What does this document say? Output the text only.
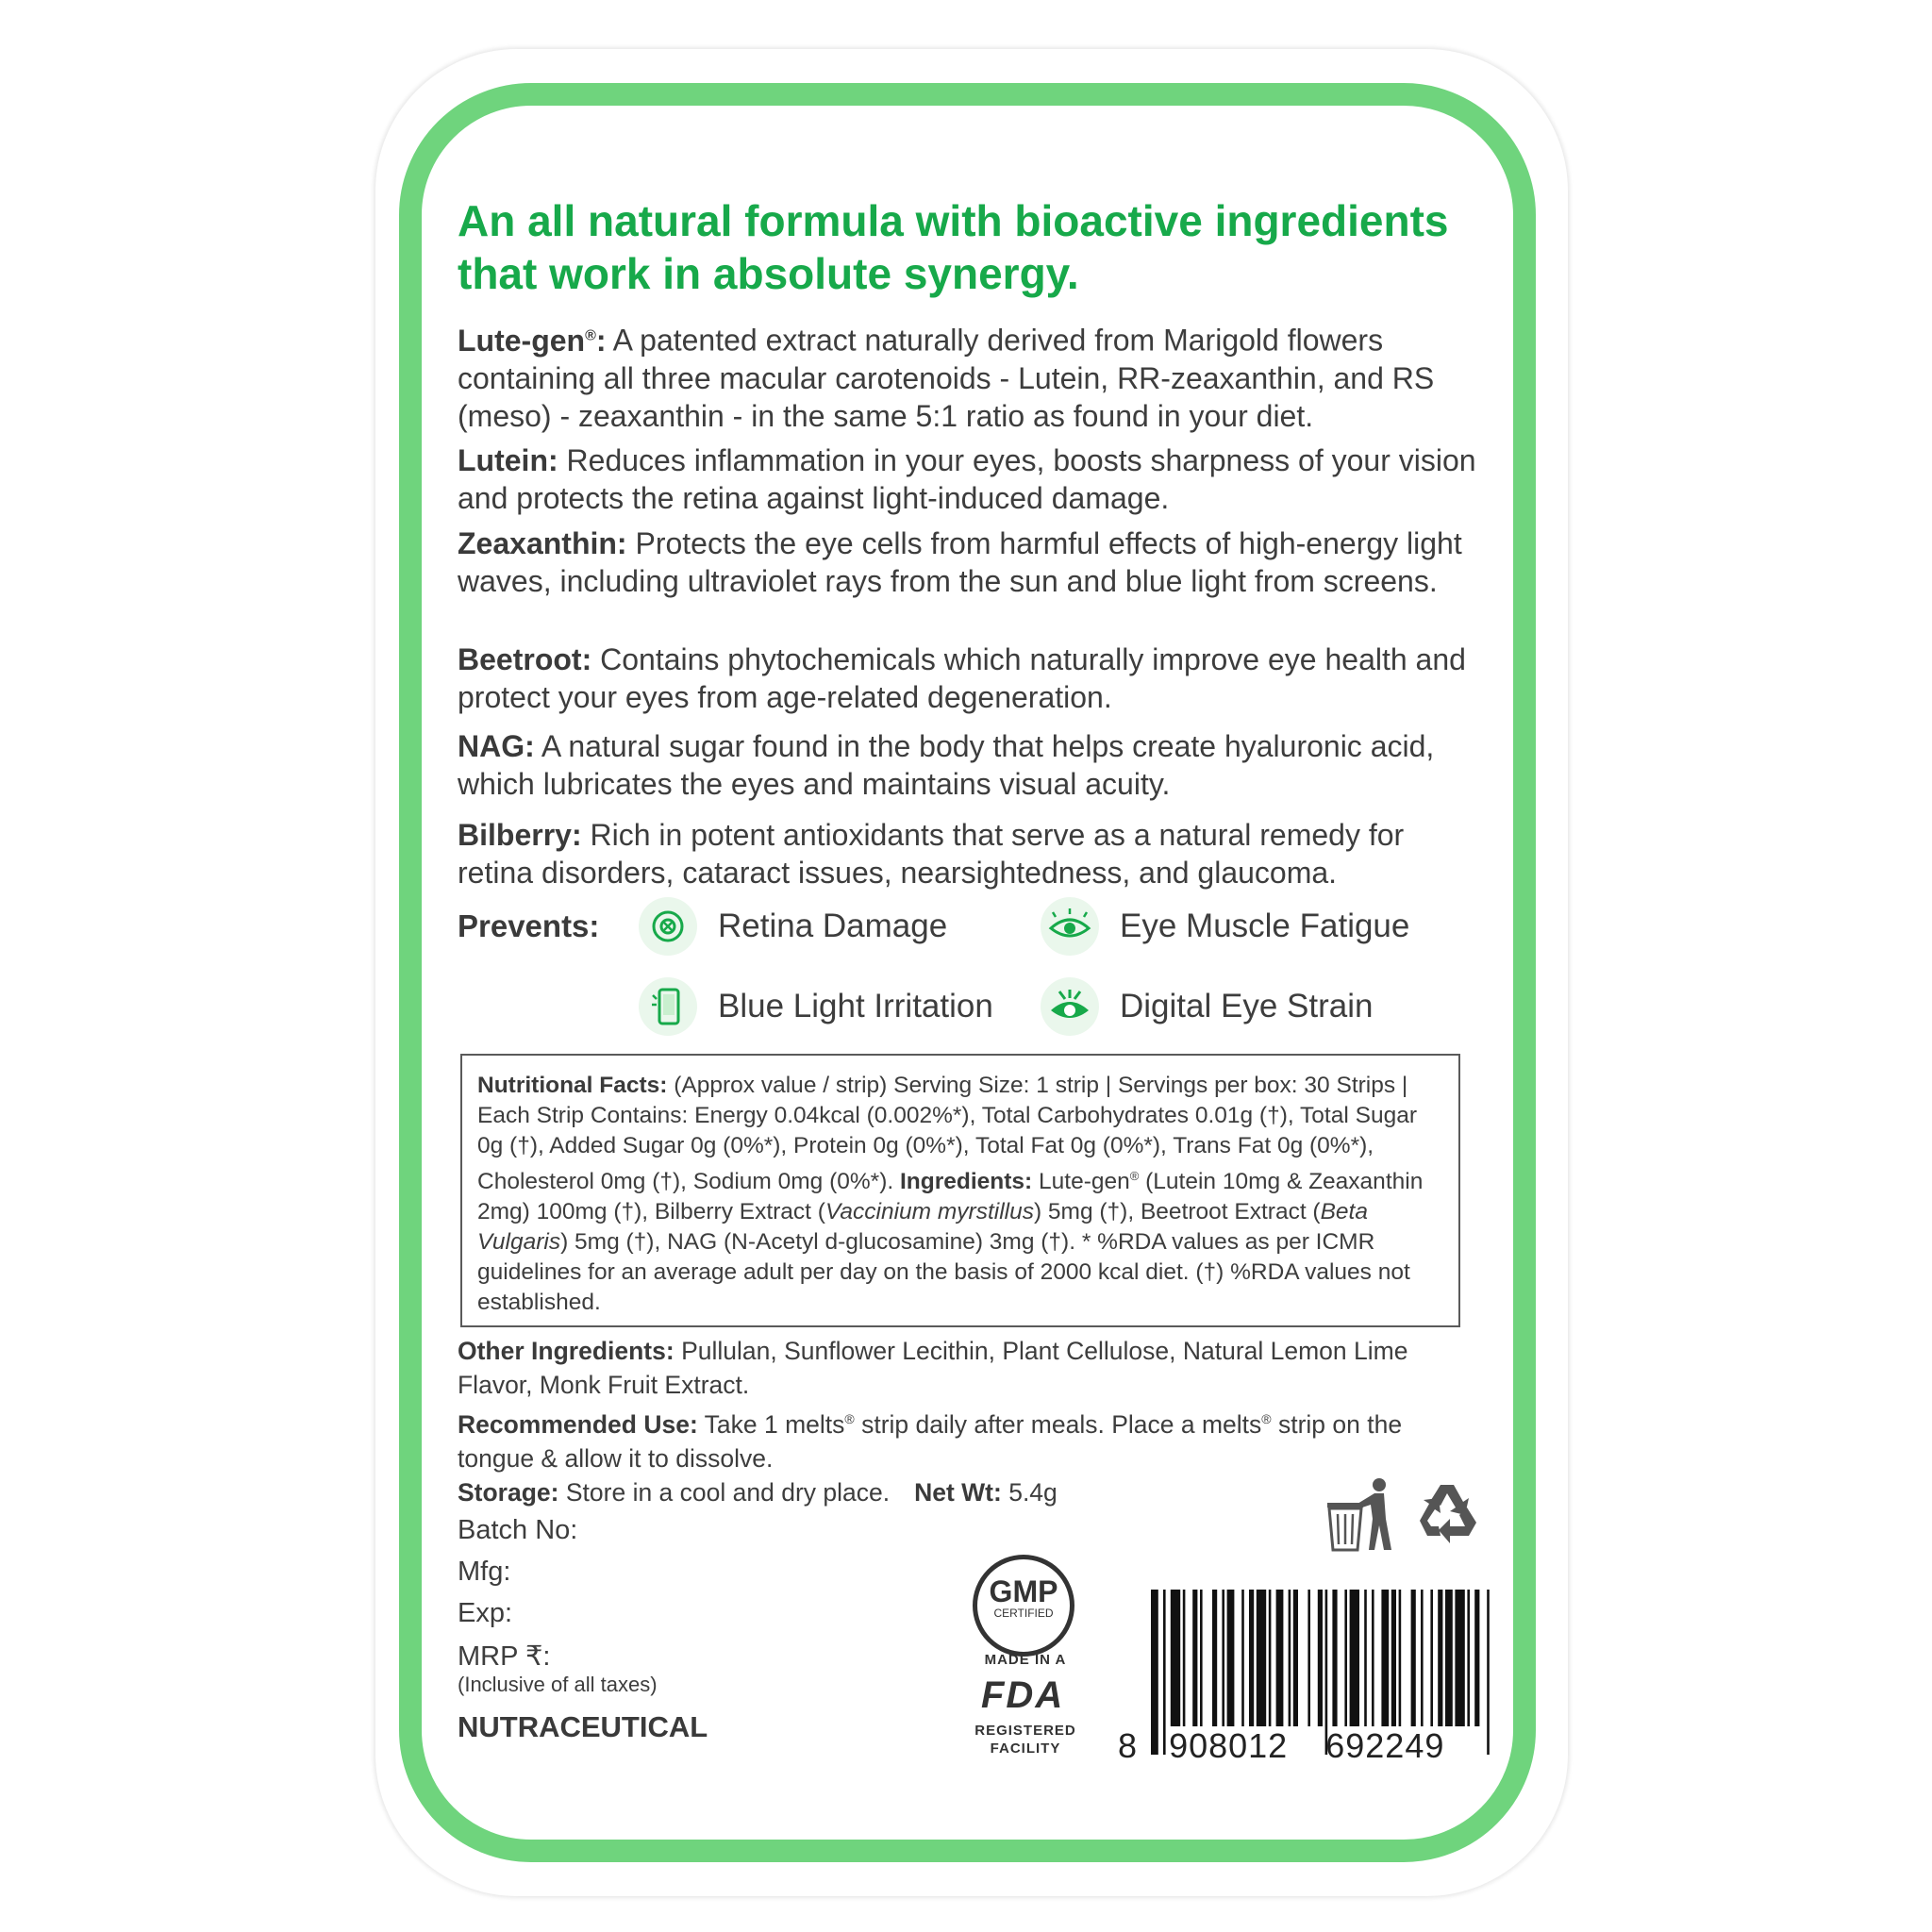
An all natural formula with bioactive ingredients that work in absolute synergy.

Lute-gen®: A patented extract naturally derived from Marigold flowers containing all three macular carotenoids - Lutein, RR-zeaxanthin, and RS (meso) - zeaxanthin - in the same 5:1 ratio as found in your diet.

Lutein: Reduces inflammation in your eyes, boosts sharpness of your vision and protects the retina against light-induced damage.

Zeaxanthin: Protects the eye cells from harmful effects of high-energy light waves, including ultraviolet rays from the sun and blue light from screens.

Beetroot: Contains phytochemicals which naturally improve eye health and protect your eyes from age-related degeneration.

NAG: A natural sugar found in the body that helps create hyaluronic acid, which lubricates the eyes and maintains visual acuity.

Bilberry: Rich in potent antioxidants that serve as a natural remedy for retina disorders, cataract issues, nearsightedness, and glaucoma.

Prevents:	Retina Damage	Eye Muscle Fatigue
Blue Light Irritation	Digital Eye Strain
Nutritional Facts: (Approx value / strip) Serving Size: 1 strip | Servings per box: 30 Strips | Each Strip Contains: Energy 0.04kcal (0.002%*), Total Carbohydrates 0.01g (†), Total Sugar 0g (†), Added Sugar 0g (0%*), Protein 0g (0%*), Total Fat 0g (0%*), Trans Fat 0g (0%*), Cholesterol 0mg (†), Sodium 0mg (0%*). Ingredients: Lute-gen® (Lutein 10mg & Zeaxanthin 2mg) 100mg (†), Bilberry Extract (Vaccinium myrstillus) 5mg (†), Beetroot Extract (Beta Vulgaris) 5mg (†), NAG (N-Acetyl d-glucosamine) 3mg (†). * %RDA values as per ICMR guidelines for an average adult per day on the basis of 2000 kcal diet. (†) %RDA values not established.

Other Ingredients: Pullulan, Sunflower Lecithin, Plant Cellulose, Natural Lemon Lime Flavor, Monk Fruit Extract.

Recommended Use: Take 1 melts® strip daily after meals. Place a melts® strip on the tongue & allow it to dissolve.

Storage: Store in a cool and dry place. Net Wt: 5.4g

Batch No:
Mfg:
Exp:
MRP ₹:
(Inclusive of all taxes)
NUTRACEUTICAL
GMP
CERTIFIED
MADE IN A
FDA
REGISTERED
FACILITY	8 908012 692249
